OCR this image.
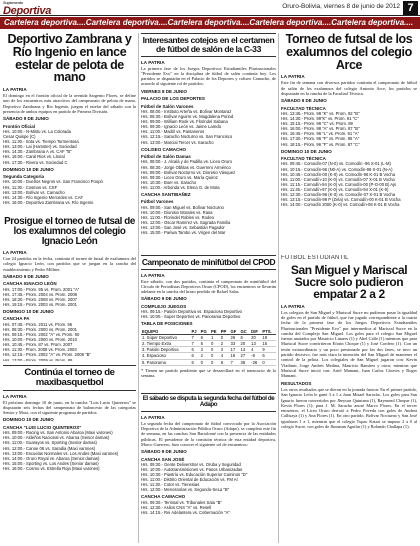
Suplemento
Deportiva	Oruro-Bolivia, viernes 8 de junio de 2012 7
Cartelera deportiva....Cartelera deportiva....Cartelera deportiva....Cartelera deportiva....Cartelera deportiva....
Deportivo Zambrana y Río Ingenio en lance estelar de pelota de mano
LA PATRIA
El domingo en el frontón oficial de la avenida Sargento Flores, se define uno de los encuentros más atractivos del campeonato de pelota de mano, Deportivo Zambrana y Río Ingenio, juegan el estelar del sábado con la presencia de ambos equipos en partido de Primera División.
SÁBADO 9 DE JUNIO
Frontón Oficial
Hrs. 10:00.- N-Mistu vs. La Colorada
Cesar Quispe (C)
Hrs. 11:30.- Sota vs. Tiempo Tormentosa
Hrs. 13:00.- Lai (Hamster) vs. Sociedad
Hrs. 14:30.- Zambrana A vs. CAF "B"
Hrs. 16:00.- Caral Rios vs. Litoral
Hrs. 17:30.- Rivera vs. Sociedad C
DOMINGO 10 DE JUNIO
Segunda Categoría
Hrs. 10:00.- Dueños Negros vs. San Francisco Poopó
Hrs. 11:30.- Cosmos vs. CSF
Hrs. 13:00.- Bolívar vs. Camacho
Hrs. 14:30.- Río Ingenio Mercedes vs. CAF
Hrs. 16:00.- Deportivo Zambrana vs. Río Ingenio
Prosigue el torneo de futsal de los exalumnos del colegio Ignacio León
LA PATRIA
Con 24 partidos en la fecha, continúa el torneo de futsal de exalumnos del colegio Ignacio León, con partidos que se juegan en la cancha del establecimiento y Pedro Millner.
SÁBADO 9 DE JUNIO
CANCHA IGNACIO LEÓN
Hrs. 17:00.- Prom. 95 vs. Prom. 2001 "A"
Hrs. 17:45.- Prom. 2004 vs. Prom. 2008
Hrs. 18:30.- Prom. 2008 vs. Prom. 2007
Hrs. 19:15.- Prom. 2003 vs. Prom. 2001
DOMINGO 10 DE JUNIO
CANCHA PA
Hrs. 07:45.- Prom. 2011 vs. Prom. 96
Hrs. 08:30.- Prom. 2000 vs. Prom. 2001
Hrs. 09:15.- Prom. 2002 "A" vs. Prom. 90
Hrs. 10:00.- Prom. 2000 vs. Prom. 2010
Hrs. 10:45.- Prom. 87 vs. Prom. 2007
Hrs. 11:30.- Prom. 2008 vs. Prom. 2003
Hrs. 12:15.- Prom. 2002 "A" vs. Prom. 2008 "B"
Hrs. 13:00.- Prom. 2009 vs. Prom. 89
Continúa el torneo de maxibasquetbol
LA PATRIA
El próximo domingo 10 de junio, en la cancha "Luis Lucio Quinteros" se disputarán seis fechas del campeonato de baloncesto de las categorías Senior y Maxi, con el siguiente programa de partidos:
DOMINGO 10 DE JUNIO
CANCHA "LUIS LUCIO QUINTEROS"
Hrs. 09:00.- Racing vs. San Antonio Abaroa (Maxi varones)
Hrs. 10:00.- Aldeños Nacional vs. Abaroa (Senior damas)
Hrs. 11:00.- Guarayos vs. Sporting (Senior damas)
Hrs. 12:00.- Canoe 06 vs. Saradia (Maxi varones)
Hrs. 13:00.- Escuelas Normales vs. Los Andes (Maxi varones)
Hrs. 14:00.- Oruro Royal vs. Abaroa (Senior damas)
Hrs. 15:00.- Sporting vs. Los Andes (Senior damas)
Hrs. 16:00.- Cosmo vs. Estrella Roja (Maxi varones)
Interesantes cotejos en el certamen de fútbol de salón de la C-33
LA PATRIA
La primera fase de los Juegos Deportivos Estudiantiles Plurinacionales "Presidente Evo" en la disciplina de fútbol de salón continúa hoy. Los partidos se disputarán en el Palacio de los Deportes y coliseo Camacho, de acuerdo al siguiente rol de partidos:
VIERNES 8 DE JUNIO
PALACIO DE LOS DEPORTES
Fútbol de Salón Varones
Hrs. 08:00.- Instituto Arteña vs. Bolívar Montaraz
Hrs. 08:30.- Bolívar Aguirre vs. Magdalena Poriod
Hrs. 09:00.- William Rook vs. Florindel Sabana
Hrs. 09:30.- Ignacio León vs. Jaime Laredo
Hrs. 11:00.- Madril vs. Pantaneros
Hrs. 12:15.- Saracho Nocturno vs. San Francisco
Hrs. 13:00.- Marcial Tercer vs. Saracho
COLISEO CAMACHO
Fútbol de Salón Damas
Hrs. 08:00.- J. Alcalá y de Padilla vs. Liceo Oruro
Hrs. 08:30.- Jorge Oblitas vs. Guerrero Armérico
Hrs. 09:00.- Bolívar Nocturno vs. Dionisio Vásquez
Hrs. 09:30.- Liceo Oruro vs. María Quiroz
Hrs. 10:30.- Boer vs. Saracho
Hrs. 11:00.- Arbonda vs. Elena G. de Mota
CANCHA SANTIBAÑEZ
Fútbol Varones
Hrs. 09:00.- San Miguel vs. Bolívar Nocturno
Hrs. 10:00.- Dionisio Morales vs. Rasa
Hrs. 11:00.- Florindel Robles vs. Rodeo
Hrs. 12:00.- Oscar Ramírez vs. Sagrada Familia
Hrs. 13:00.- San José vs. Sebastián Pagador
Hrs. 15:00.- Pariwa Tambo vs. Virgen del Mar
Campeonato de minifútbol del CPOD
LA PATRIA
Este sábado, con dos partidos, continúa el campeonato de minifútbol del Círculo de Periodistas Deportivos Oruro (CPOD), los encuentros se llevarán adelante en la cancha del brazo perdido de Rafael Salas.
SÁBADO 9 DE JUNIO
COMPLEJO JUEGOS
Hrs. 09:15.- Pasión Deportiva vs. Espacioso Deportivo
Hrs. 10:00.- Super Deportivo vs. Panorama Deportivo
TABLA DE POSICIONES
EQUIPO	PJ	PG	PE	PP	GF	GC	DIF	PTS.
1. Súper Deportivo	7	6	1	0	26	6	20	19
2. Tiempo Extra	7	5	0	2	33	20	13	15
3. Pasión Deportiva	6	3	0	3	17	13	4	9
4. Espacioso	6	2	0	4	18	27	-9	6
5. Panorama	6	0	0	6	7	35	-28	0
* Tienen un partido pendiente que se desarrollará en el transcurso de la semana.
El sábado se disputa la segunda fecha del fútbol de Adapo
LA PATRIA
La segunda fecha del campeonato de fútbol convocado por la Asociación Deportiva de la Administración Pública Oruro (Adapo), se completa este fin de semana, en las canchas San Bartolomé con la presencia de las entidades públicas. El presidente de la comisión técnica de esta entidad deportiva, Marco Guerrero, hizo conocer el siguiente rol de encuentros:
SÁBADO 9 DE JUNIO
CANCHA SAN JOSÉ
Hrs. 09:30.- Gente Deliverstrar vs. Oruba y Seguridad
Hrs. 10:00.- Autotransmisiones vs. Pasos Urbanizadas
Hrs. 10:30.- Piastría vs. Educación Superior Caminos "D"
Hrs. 11:00.- Distrito Oriental de Educación vs. FM Al
Hrs. 11:30.- Cotor vs. Tienesias
Hrs. 12:00.- Menosnolas vs. Segundo-SeLa "B"
CANCHA CAMACHO
Hrs. 09:30.- Ternisal vs. Tribunales Sala "B"
Hrs. 12:30.- Asilos CNS "A" vs. Resell
Hrs. 14:15.- Rei Adelantera vs. Cebernación "A"
Torneo de futsal de los exalumnos del colegio Arce
LA PATRIA
Este fin de semana con diversos partidos continúa el campeonato de fútbol de salón de los exalumnos del colegio Antonio Arce, los partidos se disputarán en la cancha de la Facultad Técnica.
SÁBADO 9 DE JUNIO
FACULTAD TÉCNICA
Hrs. 13:45.- Prom. 98 "K" vs. Prom. 92 "B"
Hrs. 14:30.- Prom. 99"K" vs. Prom. 91 "C"
Hrs. 15:15.- Prom. 99 "C" vs. Prom. 89
Hrs. 16:00.- Prom. 98 "A" vs. Prom. 87 "B"
Hrs. 16:45.- Prom. 96 "L" vs. Prom. 91 "A"
Hrs. 17:30.- Prom. 96 "F" vs. Prom. 95 "A"
Hrs. 18:15.- Prom. 96 "F" vs. Prom. 87 "C"
DOMINGO 10 DE JUNIO
FACULTAD TÉCNICA
Hrs. 09:45.- Comodín-07 (N-0) vs. Comodín -96 X-01 (L-M)
Hrs. 10:15.- Comodín-96 (N0-A) vs. Comodín-98 X-01 (N-A)
Hrs. 10:45.- Comodín-00 (K-0) vs. Comodín-96 K-01 B Vocha
Hrs. 11:00.- Comodín-10 (K-0) vs. Comodín-07 X-01 B Vocha
Hrs. 11:15.- Comodín-94 (K-0) vs. Comodín-00 (P-O-00 B) Ajs
Hrs. 11:45.- Comodín-97 (K-0) vs. Comodín-94 X-01 (K-0)
Hrs. 12:30.- Comodín-96 (K-0) vs. Comodín-07 X-01 B Vocha
Hrs. 13:15.- Comodín-99 P (Zela) vs. Comodín-00 K-01 B Vocha
Hrs. 14:00.- Comodín 2000 (K-0) vs. Comodín-08 K-01 B Vocha
FÚTBOL ESTUDIANTIL
San Miguel y Mariscal Sucre solo pudieron empatar 2 a 2
LA PATRIA
Los colegios de San Miguel y Mariscal Sucre no pudieron pasar la igualdad de goles en el partido de fútbol, que fue jugado correspondiente a la cuarta fecha de la primera fase de los Juegos Deportivos Estudiantiles Plurinacionales "Presidente Evo" por intermedios al Mariscal Sucre en la cancha del Complejo San Miguel. Los goles para el colegio San Miguel fueron anotados por Mauricio Linares (1) y Abel Calle (1) mientras que para Mariscal Sucre convirtieron Efrain Choque (1) y José Cordero (1). Con un tesón extraordinario y un poco presionado por las dos fases, se tuvo un partido decisivo, fue más clara la intención del San Miguel de mantener el control de la pelota. Los colegiales de San Miguel jugaron con: Kevin Vladimir, Jorge Andrés Medina, Mauricio Ramírez y otros; mientras que Mariscal Sucre inició con: Ariel Mamani, Juan Carlos Cáceres y Roger Mamani.
RESULTADOS
Los otros resultados que se dieron en la jornada fueron: En el primer partido, San Ignacio León le ganó 3 a 1 a Juan Misael Saracho. Los goles para San Ignacio fueron convertidos por Jheyson Quintana (1), Raymond Choque (1), Kevin Flores (1); para J. M. Saracho anotó Marco Flores. En el tercer encuentro, el Liceo Oruro derrotó a Pedro Poveda con goles de Andrea Callisaya (1) y Ana Flores (1). En otro partido, Bolívar Nocturno y San José igualaron 1 a 1, mientras que el colegio Tupac Katari se impuso 2 a 0 al colegio Sucre, con goles de Jhonatan Aguilar (1) y Rolando Challapa (1).
